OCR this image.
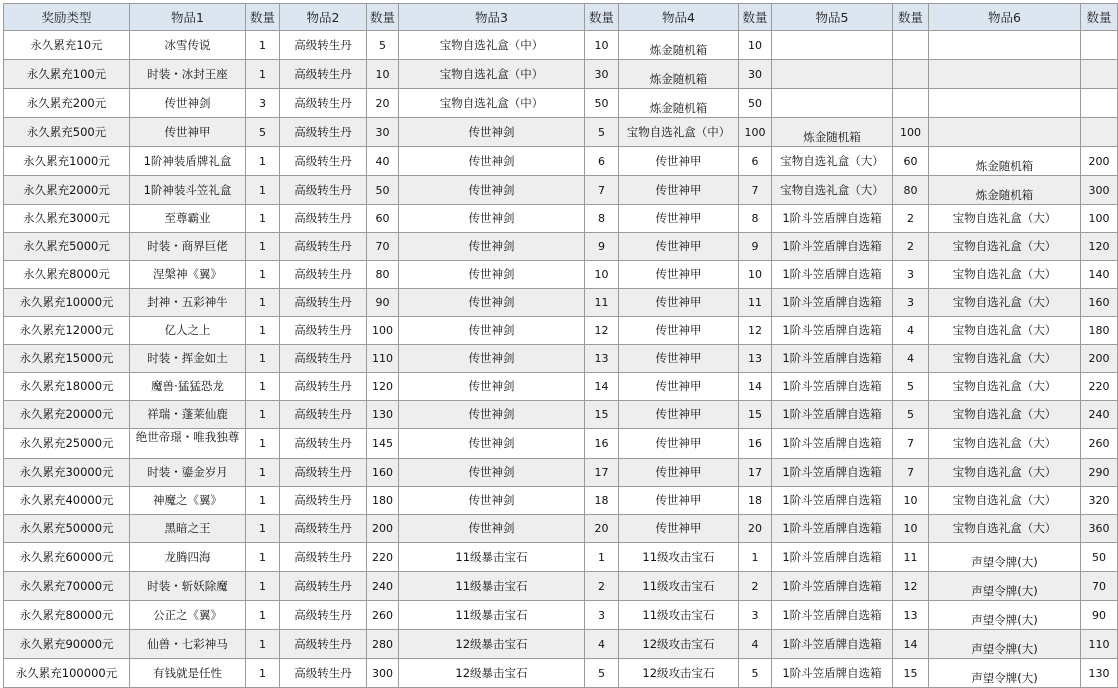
奖励类型	物品1	数量	物品2	数量	物品3	数量	物品4	数量	物品5	数量	物品6	数量
永久累充10元	冰雪传说	1	高级转生丹	5	宝物自选礼盒（中）	10	炼金随机箱	10				
永久累充100元	时装・冰封王座	1	高级转生丹	10	宝物自选礼盒（中）	30	炼金随机箱	30				
永久累充200元	传世神剑	3	高级转生丹	20	宝物自选礼盒（中）	50	炼金随机箱	50				
永久累充500元	传世神甲	5	高级转生丹	30	传世神剑	5	宝物自选礼盒（中）	100	炼金随机箱	100		
永久累充1000元	1阶神装盾牌礼盒	1	高级转生丹	40	传世神剑	6	传世神甲	6	宝物自选礼盒（大）	60	炼金随机箱	200
永久累充2000元	1阶神装斗笠礼盒	1	高级转生丹	50	传世神剑	7	传世神甲	7	宝物自选礼盒（大）	80	炼金随机箱	300
永久累充3000元	至尊霸业	1	高级转生丹	60	传世神剑	8	传世神甲	8	1阶斗笠盾牌自选箱	2	宝物自选礼盒（大）	100
永久累充5000元	时装・商界巨佬	1	高级转生丹	70	传世神剑	9	传世神甲	9	1阶斗笠盾牌自选箱	2	宝物自选礼盒（大）	120
永久累充8000元	涅槃神《翼》	1	高级转生丹	80	传世神剑	10	传世神甲	10	1阶斗笠盾牌自选箱	3	宝物自选礼盒（大）	140
永久累充10000元	封神・五彩神牛	1	高级转生丹	90	传世神剑	11	传世神甲	11	1阶斗笠盾牌自选箱	3	宝物自选礼盒（大）	160
永久累充12000元	亿人之上	1	高级转生丹	100	传世神剑	12	传世神甲	12	1阶斗笠盾牌自选箱	4	宝物自选礼盒（大）	180
永久累充15000元	时装・挥金如土	1	高级转生丹	110	传世神剑	13	传世神甲	13	1阶斗笠盾牌自选箱	4	宝物自选礼盒（大）	200
永久累充18000元	魔兽·猛猛恐龙	1	高级转生丹	120	传世神剑	14	传世神甲	14	1阶斗笠盾牌自选箱	5	宝物自选礼盒（大）	220
永久累充20000元	祥瑞・蓬莱仙鹿	1	高级转生丹	130	传世神剑	15	传世神甲	15	1阶斗笠盾牌自选箱	5	宝物自选礼盒（大）	240
永久累充25000元	绝世帝璟・唯我独尊	1	高级转生丹	145	传世神剑	16	传世神甲	16	1阶斗笠盾牌自选箱	7	宝物自选礼盒（大）	260
永久累充30000元	时装・鎏金岁月	1	高级转生丹	160	传世神剑	17	传世神甲	17	1阶斗笠盾牌自选箱	7	宝物自选礼盒（大）	290
永久累充40000元	神魔之《翼》	1	高级转生丹	180	传世神剑	18	传世神甲	18	1阶斗笠盾牌自选箱	10	宝物自选礼盒（大）	320
永久累充50000元	黑暗之王	1	高级转生丹	200	传世神剑	20	传世神甲	20	1阶斗笠盾牌自选箱	10	宝物自选礼盒（大）	360
永久累充60000元	龙腾四海	1	高级转生丹	220	11级暴击宝石	1	11级攻击宝石	1	1阶斗笠盾牌自选箱	11	声望令牌(大)	50
永久累充70000元	时装・斩妖除魔	1	高级转生丹	240	11级暴击宝石	2	11级攻击宝石	2	1阶斗笠盾牌自选箱	12	声望令牌(大)	70
永久累充80000元	公正之《翼》	1	高级转生丹	260	11级暴击宝石	3	11级攻击宝石	3	1阶斗笠盾牌自选箱	13	声望令牌(大)	90
永久累充90000元	仙兽・七彩神马	1	高级转生丹	280	12级暴击宝石	4	12级攻击宝石	4	1阶斗笠盾牌自选箱	14	声望令牌(大)	110
永久累充100000元	有钱就是任性	1	高级转生丹	300	12级暴击宝石	5	12级攻击宝石	5	1阶斗笠盾牌自选箱	15	声望令牌(大)	130
